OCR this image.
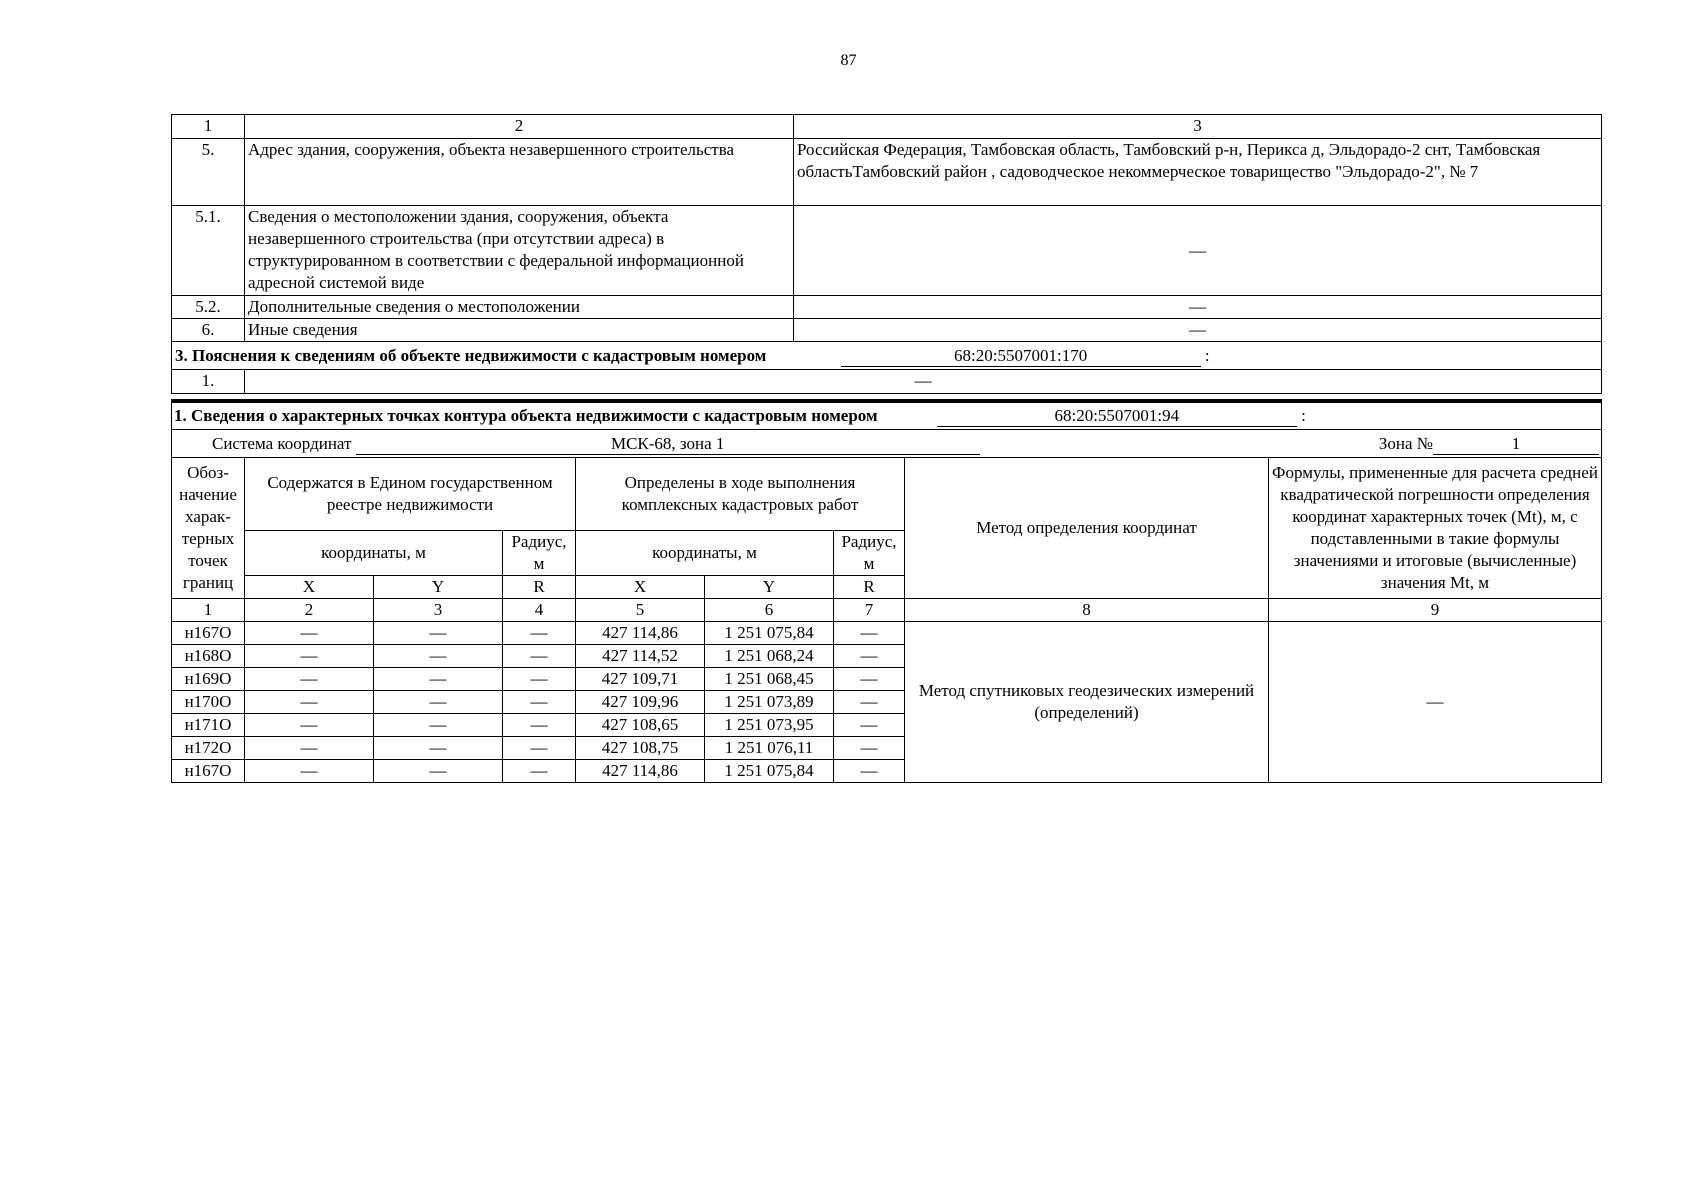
87
1	2	3
5.	Адрес здания, сооружения, объекта незавершенного строительства	Российская Федерация, Тамбовская область, Тамбовский р-н, Перикса д, Эльдорадо-2 снт, Тамбовская областьТамбовский район , садоводческое некоммерческое товарищество "Эльдорадо-2", № 7
5.1.	Сведения о местоположении здания, сооружения, объекта незавершенного строительства (при отсутствии адреса) в структурированном в соответствии с федеральной информационной адресной системой виде	—
5.2.	Дополнительные сведения о местоположении	—
6.	Иные сведения	—
3. Пояснения к сведениям об объекте недвижимости с кадастровым номером 68:20:5507001:170 :		
1.	—	
1. Сведения о характерных точках контура объекта недвижимости с кадастровым номером 68:20:5507001:94 :								
Система координат МСК-68, зона 1 Зона № 1								

Обоз-начение харак-терных точек границ	Содержатся в Едином государственном реестре недвижимости			Определены в ходе выполнения комплексных кадастровых работ			Метод определения координат	Формулы, примененные для расчета средней квадратической погрешности определения координат характерных точек (Mt), м, с подставленными в такие формулы значениями и итоговые (вычисленные) значения Mt, м
	координаты, м		Радиус, м	координаты, м		Радиус, м		
	X	Y	R	X	Y	R		
1	2	3	4	5	6	7	8	9
н167О	—	—	—	427 114,86	1 251 075,84	—	Метод спутниковых геодезических измерений (определений)	—
н168О	—	—	—	427 114,52	1 251 068,24	—		
н169О	—	—	—	427 109,71	1 251 068,45	—		
н170О	—	—	—	427 109,96	1 251 073,89	—		
н171О	—	—	—	427 108,65	1 251 073,95	—		
н172О	—	—	—	427 108,75	1 251 076,11	—		
н167О	—	—	—	427 114,86	1 251 075,84	—		
